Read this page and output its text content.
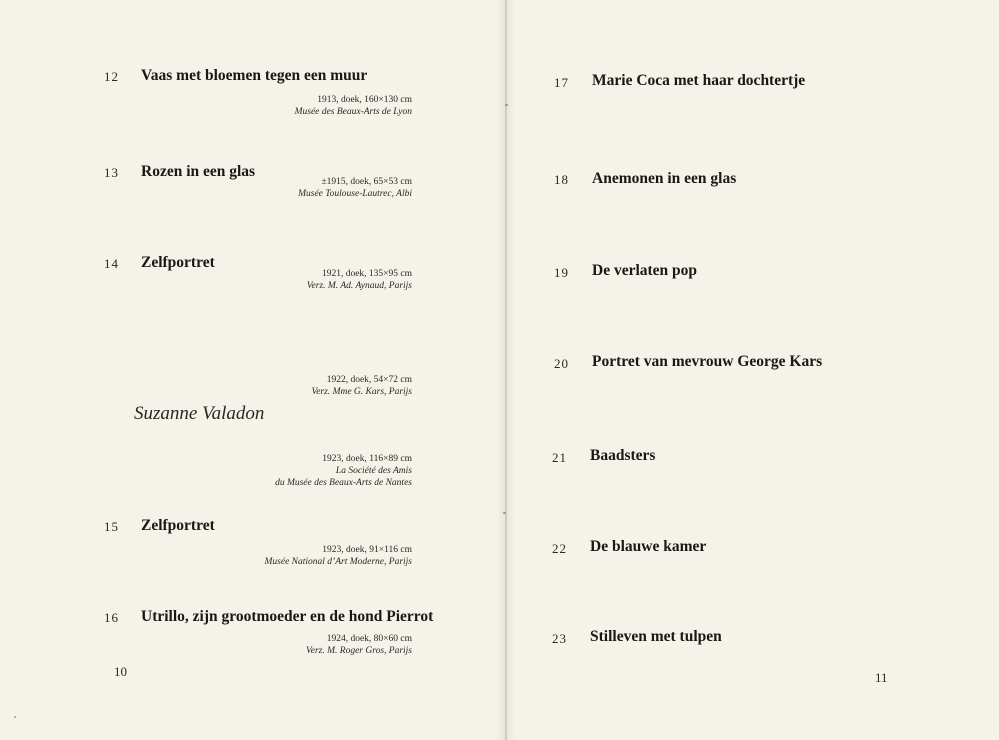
12 Vaas met bloemen tegen een muur
13 Rozen in een glas
14 Zelfportret
Suzanne Valadon
15 Zelfportret
16 Utrillo, zijn grootmoeder en de hond Pierrot
10
17 Marie Coca met haar dochtertje
1913, doek, 160×130 cm
Musée des Beaux-Arts de Lyon
18 Anemonen in een glas
±1915, doek, 65×53 cm
Musée Toulouse-Lautrec, Albi
19 De verlaten pop
1921, doek, 135×95 cm
Verz. M. Ad. Aynaud, Parijs
20 Portret van mevrouw George Kars
1922, doek, 54×72 cm
Verz. Mme G. Kars, Parijs
21 Baadsters
1923, doek, 116×89 cm
La Société des Amis
du Musée des Beaux-Arts de Nantes
22 De blauwe kamer
1923, doek, 91×116 cm
Musée National d’Art Moderne, Parijs
23 Stilleven met tulpen
1924, doek, 80×60 cm
Verz. M. Roger Gros, Parijs
11
